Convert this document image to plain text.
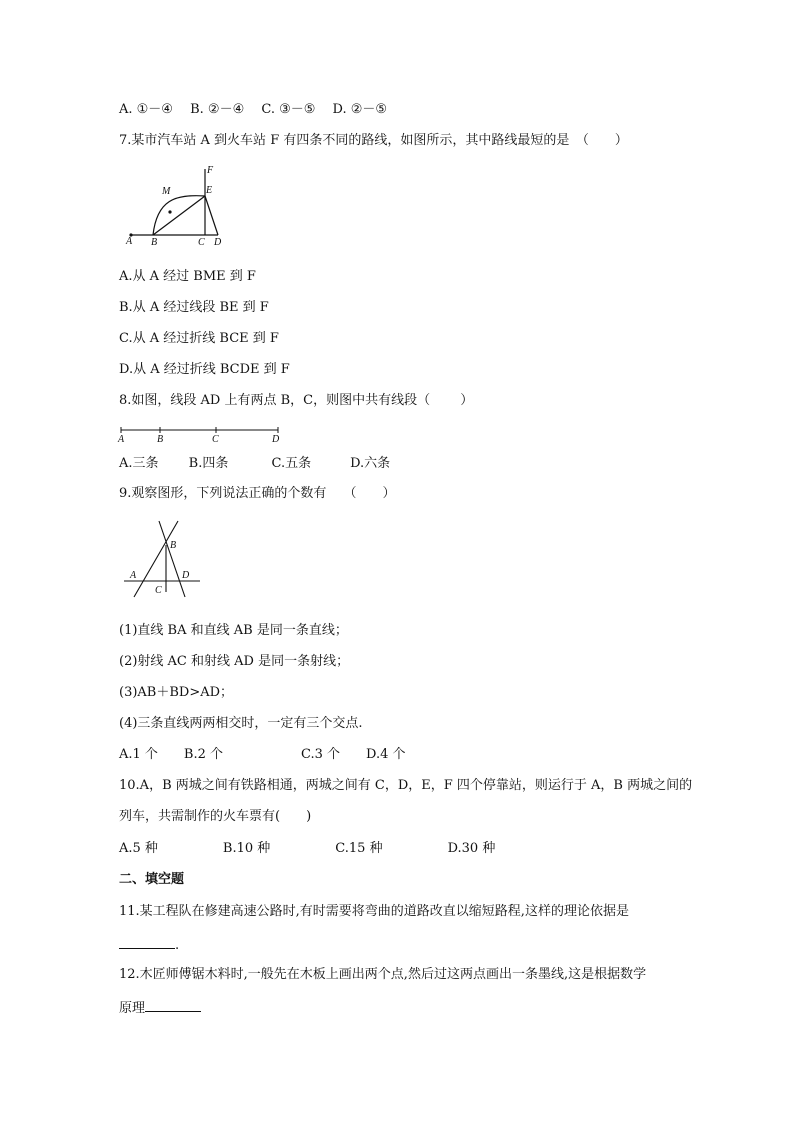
A. ①－④　 B. ②－④　 C. ③－⑤　 D. ②－⑤
7.某市汽车站 A 到火车站 F 有四条不同的路线，如图所示，其中路线最短的是　（　　）
F
M	E
A B	C D
A.从 A 经过 BME 到 F
B.从 A 经过线段 BE 到 F
C.从 A 经过折线 BCE 到 F
D.从 A 经过折线 BCDE 到 F
8.如图，线段 AD 上有两点 B，C，则图中共有线段（　　 ）
A	B	C	D
A.三条　　 B.四条　　　 C.五条　　　D.六条
9.观察图形，下列说法正确的个数有　 （　　）
B
A
C
D
(1)直线 BA 和直线 AB 是同一条直线；
(2)射线 AC 和射线 AD 是同一条射线；
(3)AB＋BD>AD；
(4)三条直线两两相交时，一定有三个交点.
A.1 个　　B.2 个　　　　　　C.3 个　　D.4 个
10.A，B 两城之间有铁路相通，两城之间有 C，D，E，F 四个停靠站，则运行于 A，B 两城之间的
列车，共需制作的火车票有(　　)
A.5 种　　　　　B.10 种　　　　　C.15 种　　　　　D.30 种
二、填空题
11.某工程队在修建高速公路时,有时需要将弯曲的道路改直以缩短路程,这样的理论依据是
.
12.木匠师傅锯木料时,一般先在木板上画出两个点,然后过这两点画出一条墨线,这是根据数学
原理
